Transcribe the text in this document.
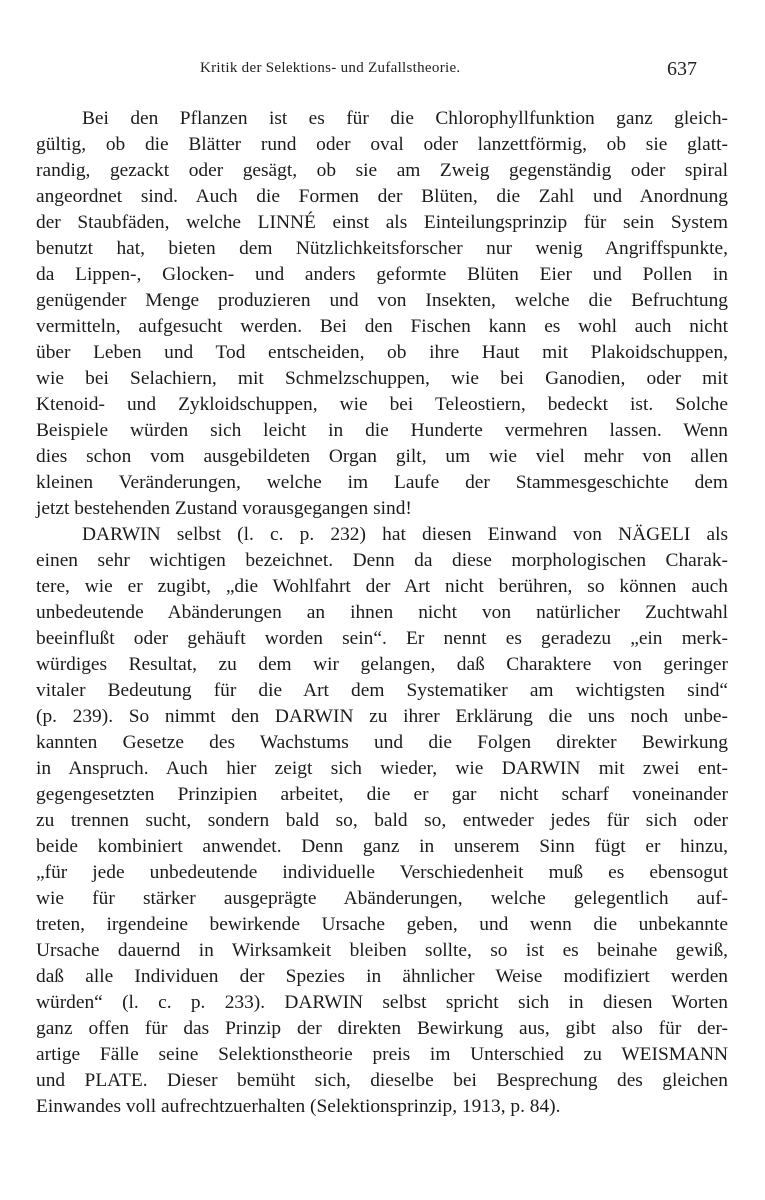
Kritik der Selektions- und Zufallstheorie.	637
Bei den Pflanzen ist es für die Chlorophyllfunktion ganz gleich-
gültig, ob die Blätter rund oder oval oder lanzettförmig, ob sie glatt-
randig, gezackt oder gesägt, ob sie am Zweig gegenständig oder spiral
angeordnet sind. Auch die Formen der Blüten, die Zahl und Anordnung
der Staubfäden, welche LINNÉ einst als Einteilungsprinzip für sein System
benutzt hat, bieten dem Nützlichkeitsforscher nur wenig Angriffspunkte,
da Lippen-, Glocken- und anders geformte Blüten Eier und Pollen in
genügender Menge produzieren und von Insekten, welche die Befruchtung
vermitteln, aufgesucht werden. Bei den Fischen kann es wohl auch nicht
über Leben und Tod entscheiden, ob ihre Haut mit Plakoidschuppen,
wie bei Selachiern, mit Schmelzschuppen, wie bei Ganodien, oder mit
Ktenoid- und Zykloidschuppen, wie bei Teleostiern, bedeckt ist. Solche
Beispiele würden sich leicht in die Hunderte vermehren lassen. Wenn
dies schon vom ausgebildeten Organ gilt, um wie viel mehr von allen
kleinen Veränderungen, welche im Laufe der Stammesgeschichte dem
jetzt bestehenden Zustand vorausgegangen sind!
DARWIN selbst (l. c. p. 232) hat diesen Einwand von NÄGELI als
einen sehr wichtigen bezeichnet. Denn da diese morphologischen Charak-
tere, wie er zugibt, „die Wohlfahrt der Art nicht berühren, so können auch
unbedeutende Abänderungen an ihnen nicht von natürlicher Zuchtwahl
beeinflußt oder gehäuft worden sein“. Er nennt es geradezu „ein merk-
würdiges Resultat, zu dem wir gelangen, daß Charaktere von geringer
vitaler Bedeutung für die Art dem Systematiker am wichtigsten sind“
(p. 239). So nimmt den DARWIN zu ihrer Erklärung die uns noch unbe-
kannten Gesetze des Wachstums und die Folgen direkter Bewirkung
in Anspruch. Auch hier zeigt sich wieder, wie DARWIN mit zwei ent-
gegengesetzten Prinzipien arbeitet, die er gar nicht scharf voneinander
zu trennen sucht, sondern bald so, bald so, entweder jedes für sich oder
beide kombiniert anwendet. Denn ganz in unserem Sinn fügt er hinzu,
„für jede unbedeutende individuelle Verschiedenheit muß es ebensogut
wie für stärker ausgeprägte Abänderungen, welche gelegentlich auf-
treten, irgendeine bewirkende Ursache geben, und wenn die unbekannte
Ursache dauernd in Wirksamkeit bleiben sollte, so ist es beinahe gewiß,
daß alle Individuen der Spezies in ähnlicher Weise modifiziert werden
würden“ (l. c. p. 233). DARWIN selbst spricht sich in diesen Worten
ganz offen für das Prinzip der direkten Bewirkung aus, gibt also für der-
artige Fälle seine Selektionstheorie preis im Unterschied zu WEISMANN
und PLATE. Dieser bemüht sich, dieselbe bei Besprechung des gleichen
Einwandes voll aufrechtzuerhalten (Selektionsprinzip, 1913, p. 84).
